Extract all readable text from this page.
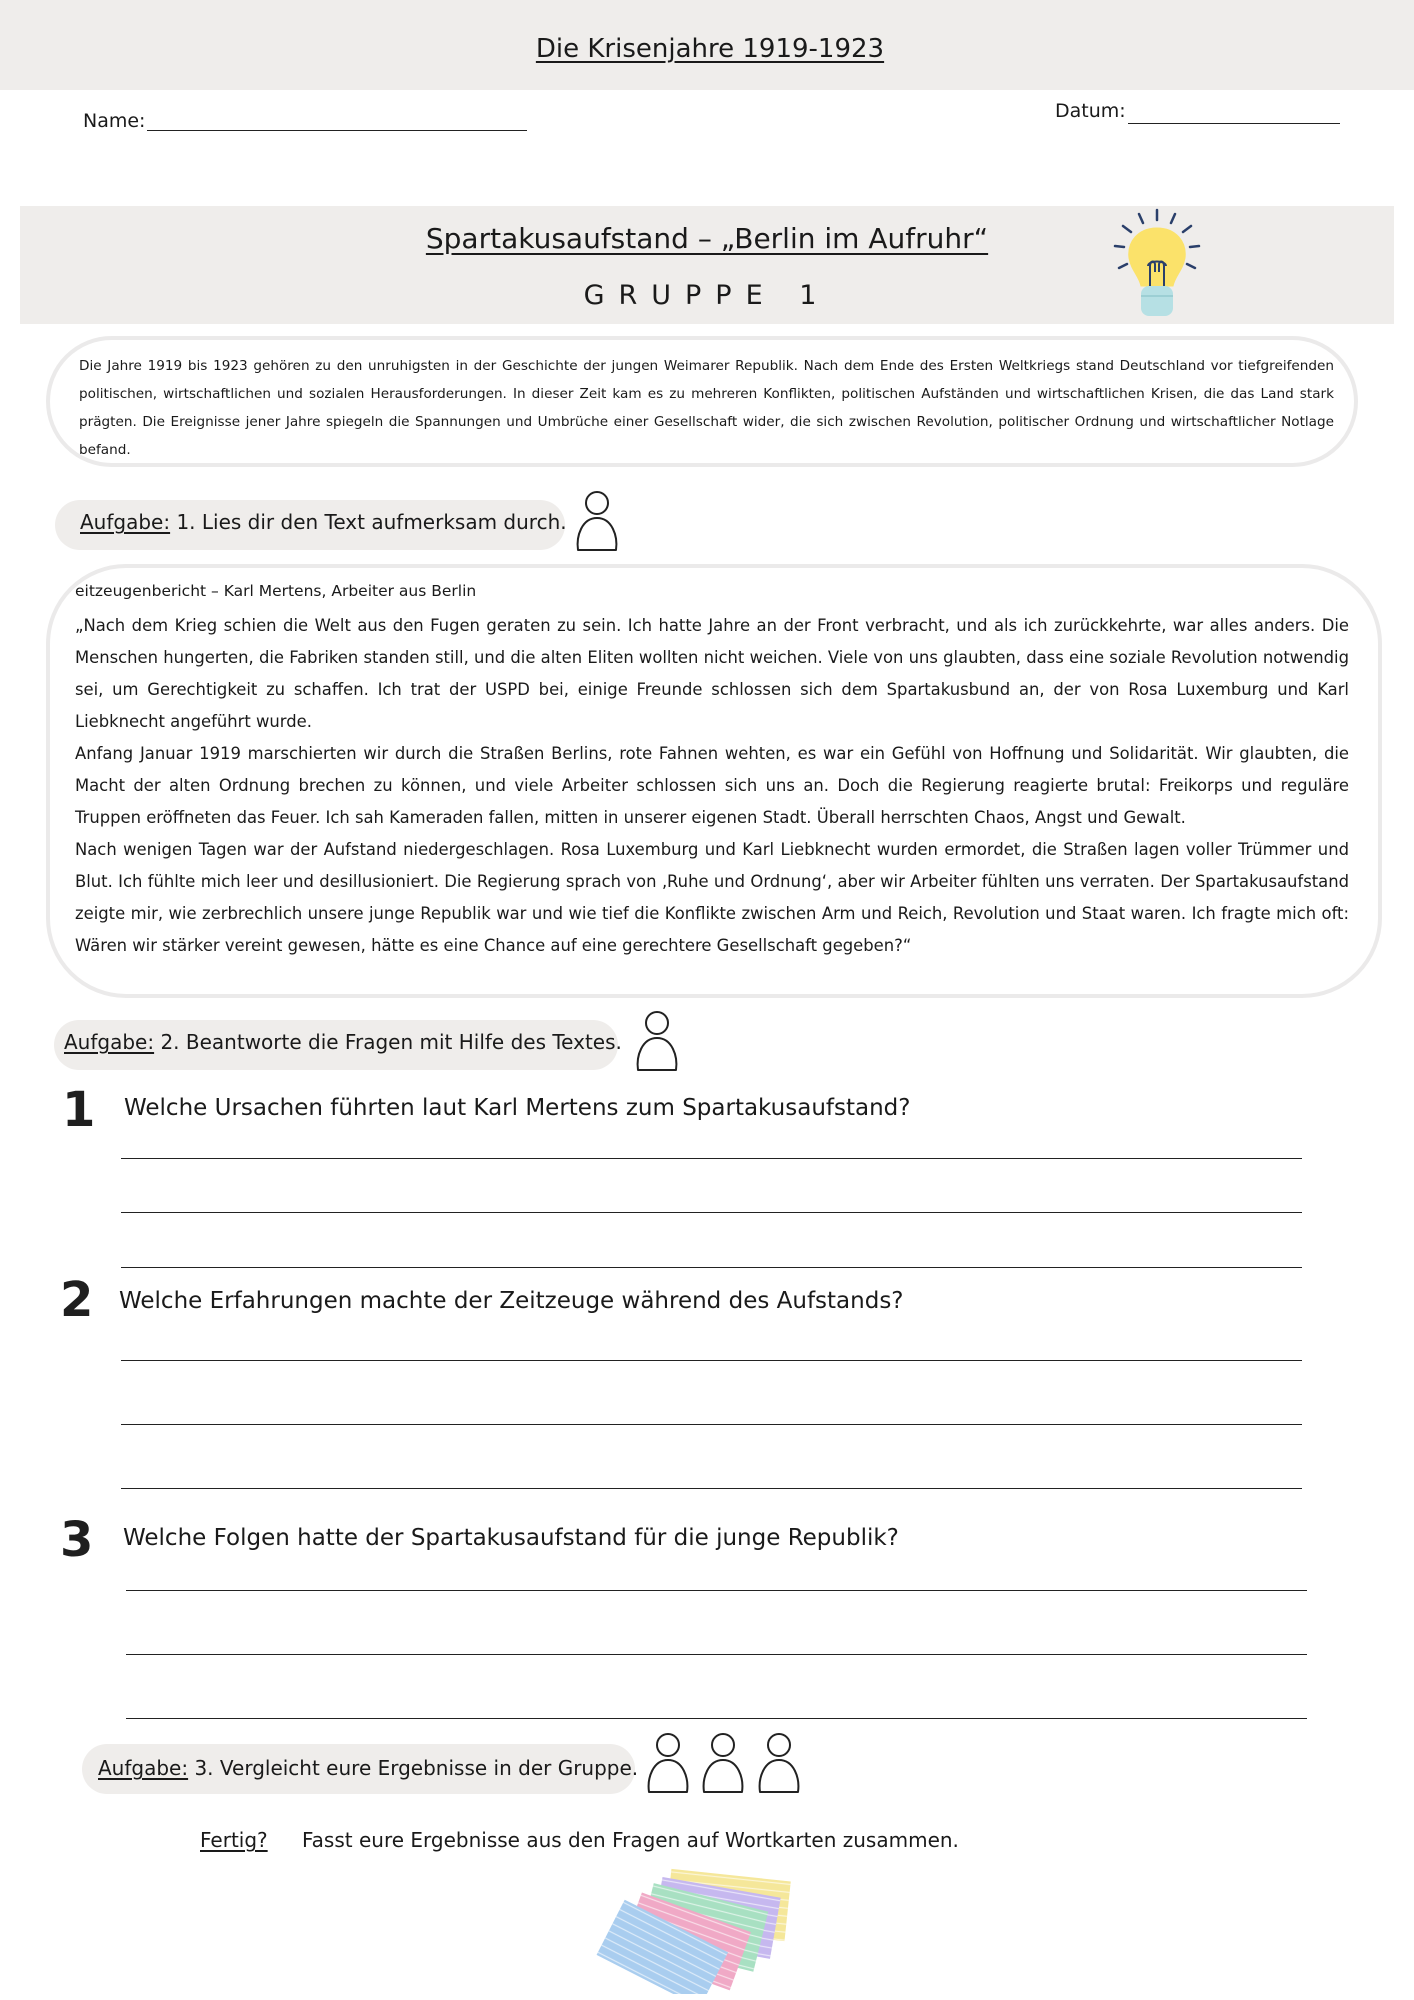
Die Krisenjahre 1919-1923
Name:	Datum:
Spartakusaufstand – „Berlin im Aufruhr“
GRUPPE 1
Die Jahre 1919 bis 1923 gehören zu den unruhigsten in der Geschichte der jungen Weimarer Republik. Nach dem Ende des Ersten Weltkriegs stand Deutschland vor tiefgreifenden politischen, wirtschaftlichen und sozialen Herausforderungen. In dieser Zeit kam es zu mehreren Konflikten, politischen Aufständen und wirtschaftlichen Krisen, die das Land stark prägten. Die Ereignisse jener Jahre spiegeln die Spannungen und Umbrüche einer Gesellschaft wider, die sich zwischen Revolution, politischer Ordnung und wirtschaftlicher Notlage befand.
Aufgabe: 1. Lies dir den Text aufmerksam durch.
eitzeugenbericht – Karl Mertens, Arbeiter aus Berlin

„Nach dem Krieg schien die Welt aus den Fugen geraten zu sein. Ich hatte Jahre an der Front verbracht, und als ich zurückkehrte, war alles anders. Die Menschen hungerten, die Fabriken standen still, und die alten Eliten wollten nicht weichen. Viele von uns glaubten, dass eine soziale Revolution notwendig sei, um Gerechtigkeit zu schaffen. Ich trat der USPD bei, einige Freunde schlossen sich dem Spartakusbund an, der von Rosa Luxemburg und Karl Liebknecht angeführt wurde.

Anfang Januar 1919 marschierten wir durch die Straßen Berlins, rote Fahnen wehten, es war ein Gefühl von Hoffnung und Solidarität. Wir glaubten, die Macht der alten Ordnung brechen zu können, und viele Arbeiter schlossen sich uns an. Doch die Regierung reagierte brutal: Freikorps und reguläre Truppen eröffneten das Feuer. Ich sah Kameraden fallen, mitten in unserer eigenen Stadt. Überall herrschten Chaos, Angst und Gewalt.

Nach wenigen Tagen war der Aufstand niedergeschlagen. Rosa Luxemburg und Karl Liebknecht wurden ermordet, die Straßen lagen voller Trümmer und Blut. Ich fühlte mich leer und desillusioniert. Die Regierung sprach von ‚Ruhe und Ordnung‘, aber wir Arbeiter fühlten uns verraten. Der Spartakusaufstand zeigte mir, wie zerbrechlich unsere junge Republik war und wie tief die Konflikte zwischen Arm und Reich, Revolution und Staat waren. Ich fragte mich oft: Wären wir stärker vereint gewesen, hätte es eine Chance auf eine gerechtere Gesellschaft gegeben?“

Aufgabe: 2. Beantworte die Fragen mit Hilfe des Textes.
1 Welche Ursachen führten laut Karl Mertens zum Spartakusaufstand?
2 Welche Erfahrungen machte der Zeitzeuge während des Aufstands?
3 Welche Folgen hatte der Spartakusaufstand für die junge Republik?
Aufgabe: 3. Vergleicht eure Ergebnisse in der Gruppe.
Fertig? Fasst eure Ergebnisse aus den Fragen auf Wortkarten zusammen.
